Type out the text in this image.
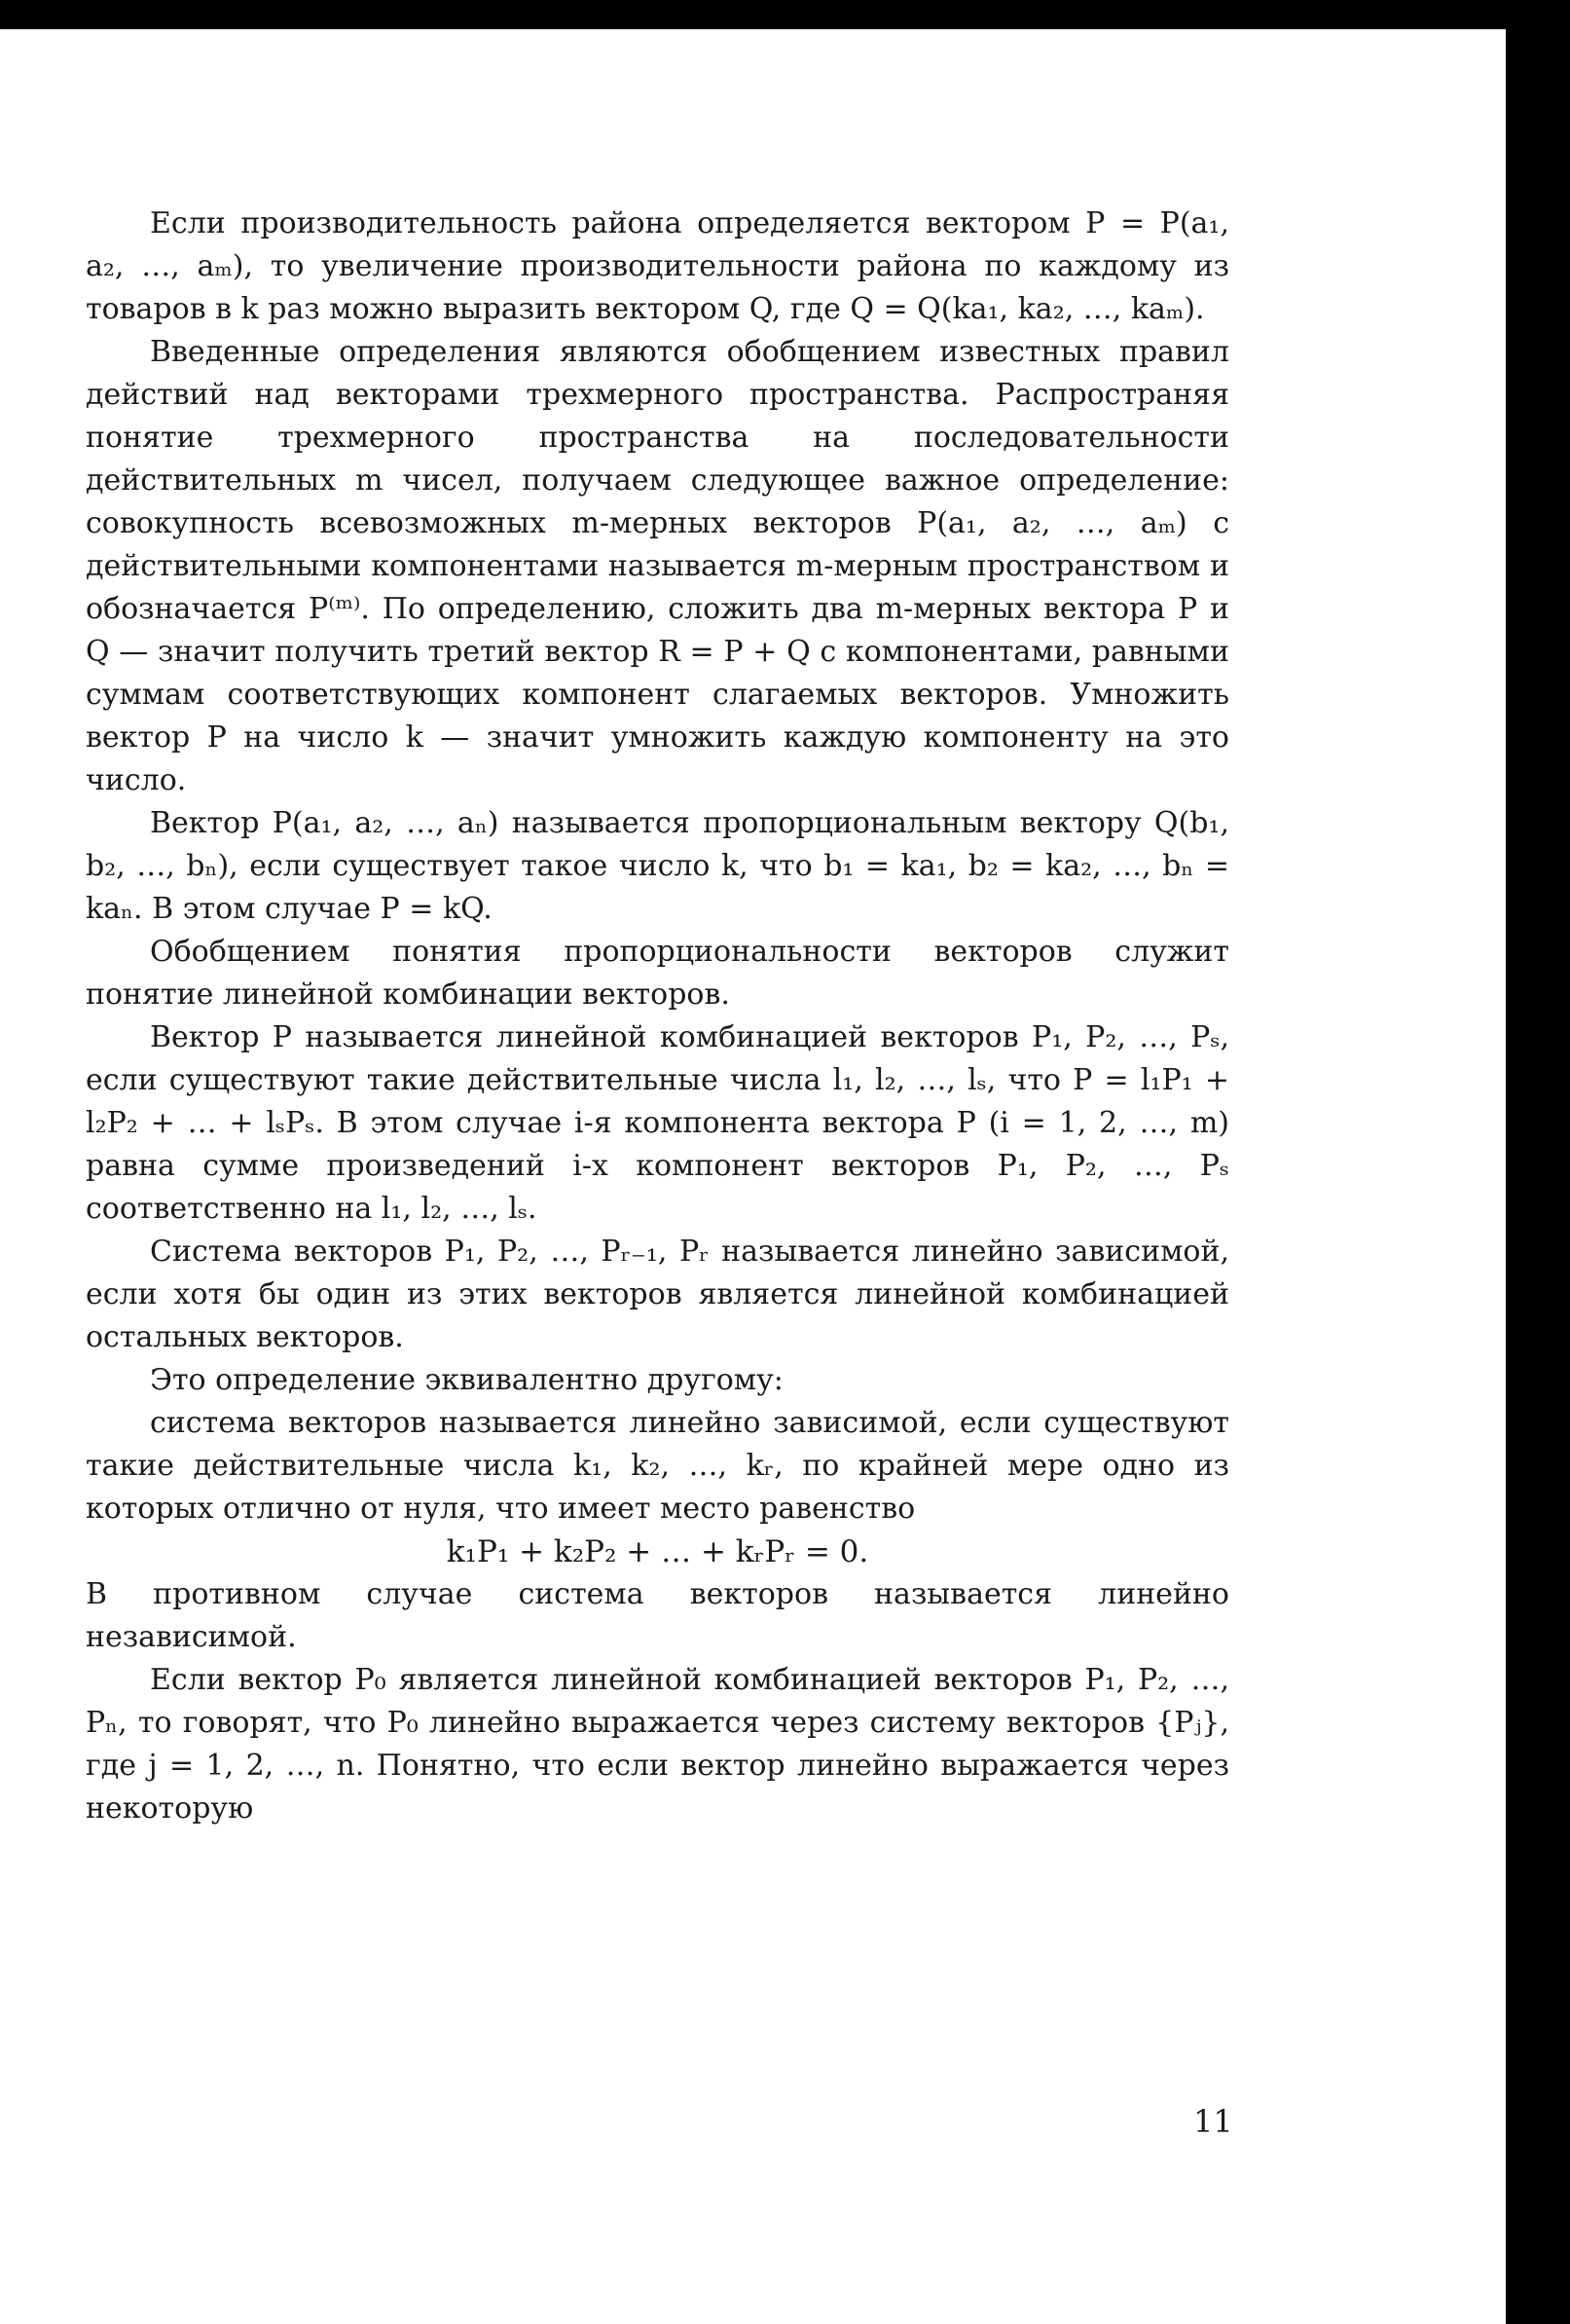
Если производительность района определяется вектором P = P(a₁, a₂, …, aₘ), то увеличение производительности района по каждому из товаров в k раз можно выразить вектором Q, где Q = Q(ka₁, ka₂, …, kaₘ).

Введенные определения являются обобщением известных правил действий над векторами трехмерного пространства. Распространяя понятие трехмерного пространства на последовательности действительных m чисел, получаем следующее важное определение: совокупность всевозможных m-мерных векторов P(a₁, a₂, …, aₘ) с действительными компонентами называется m-мерным пространством и обозначается P⁽ᵐ⁾. По определению, сложить два m-мерных вектора P и Q — значит получить третий вектор R = P + Q с компонентами, равными суммам соответствующих компонент слагаемых векторов. Умножить вектор P на число k — значит умножить каждую компоненту на это число.

Вектор P(a₁, a₂, …, aₙ) называется пропорциональным вектору Q(b₁, b₂, …, bₙ), если существует такое число k, что b₁ = ka₁, b₂ = ka₂, …, bₙ = kaₙ. В этом случае P = kQ.

Обобщением понятия пропорциональности векторов служит понятие линейной комбинации векторов.

Вектор P называется линейной комбинацией векторов P₁, P₂, …, Pₛ, если существуют такие действительные числа l₁, l₂, …, lₛ, что P = l₁P₁ + l₂P₂ + … + lₛPₛ. В этом случае i-я компонента вектора P (i = 1, 2, …, m) равна сумме произведений i-х компонент векторов P₁, P₂, …, Pₛ соответственно на l₁, l₂, …, lₛ.

Система векторов P₁, P₂, …, Pᵣ₋₁, Pᵣ называется линейно зависимой, если хотя бы один из этих векторов является линейной комбинацией остальных векторов.

Это определение эквивалентно другому:

система векторов называется линейно зависимой, если существуют такие действительные числа k₁, k₂, …, kᵣ, по крайней мере одно из которых отлично от нуля, что имеет место равенство

k₁P₁ + k₂P₂ + … + kᵣPᵣ = 0.

В противном случае система векторов называется линейно независимой.

Если вектор P₀ является линейной комбинацией векторов P₁, P₂, …, Pₙ, то говорят, что P₀ линейно выражается через систему векторов {Pⱼ}, где j = 1, 2, …, n. Понятно, что если вектор линейно выражается через некоторую

11
